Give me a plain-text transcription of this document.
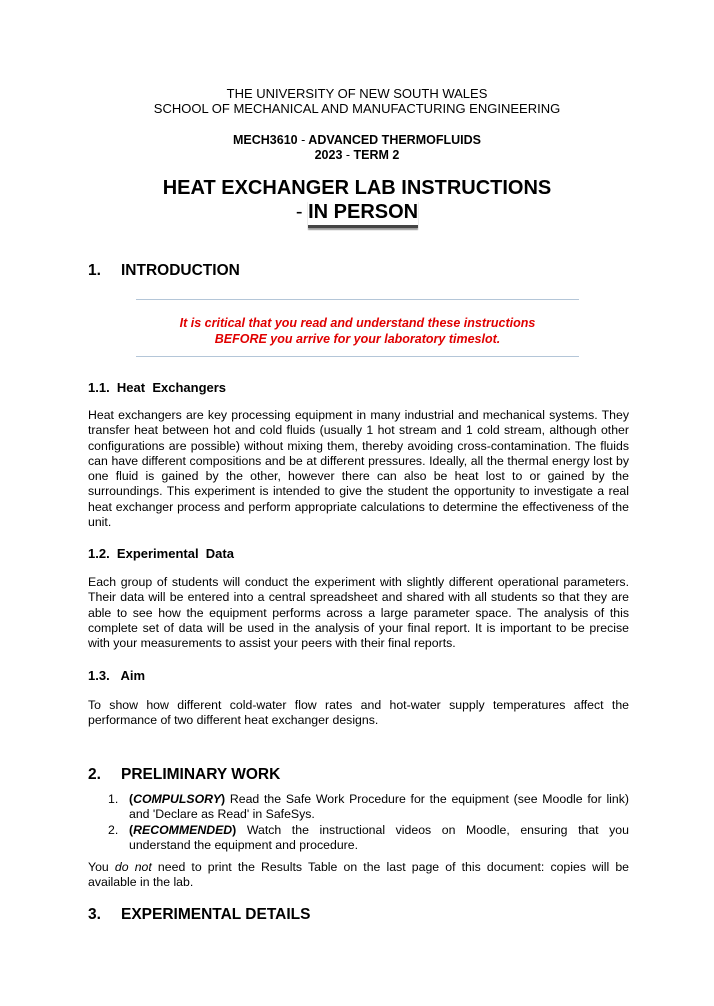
THE UNIVERSITY OF NEW SOUTH WALES
SCHOOL OF MECHANICAL AND MANUFACTURING ENGINEERING
MECH3610 - ADVANCED THERMOFLUIDS
2023 - TERM 2
HEAT EXCHANGER LAB INSTRUCTIONS
- IN PERSON
1. INTRODUCTION
It is critical that you read and understand these instructions
BEFORE you arrive for your laboratory timeslot.
1.1. Heat  Exchangers
Heat exchangers are key processing equipment in many industrial and mechanical systems. They transfer heat between hot and cold fluids (usually 1 hot stream and 1 cold stream, although other configurations are possible) without mixing them, thereby avoiding cross-contamination. The fluids can have different compositions and be at different pressures. Ideally, all the thermal energy lost by one fluid is gained by the other, however there can also be heat lost to or gained by the surroundings. This experiment is intended to give the student the opportunity to investigate a real heat exchanger process and perform appropriate calculations to determine the effectiveness of the unit.
1.2. Experimental  Data
Each group of students will conduct the experiment with slightly different operational parameters. Their data will be entered into a central spreadsheet and shared with all students so that they are able to see how the equipment performs across a large parameter space. The analysis of this complete set of data will be used in the analysis of your final report. It is important to be precise with your measurements to assist your peers with their final reports.
1.3. Aim
To show how different cold-water flow rates and hot-water supply temperatures affect the performance of two different heat exchanger designs.
2. PRELIMINARY WORK
1. (COMPULSORY) Read the Safe Work Procedure for the equipment (see Moodle for link) and 'Declare as Read' in SafeSys.
2. (RECOMMENDED) Watch the instructional videos on Moodle, ensuring that you understand the equipment and procedure.
You do not need to print the Results Table on the last page of this document: copies will be available in the lab.
3. EXPERIMENTAL DETAILS
